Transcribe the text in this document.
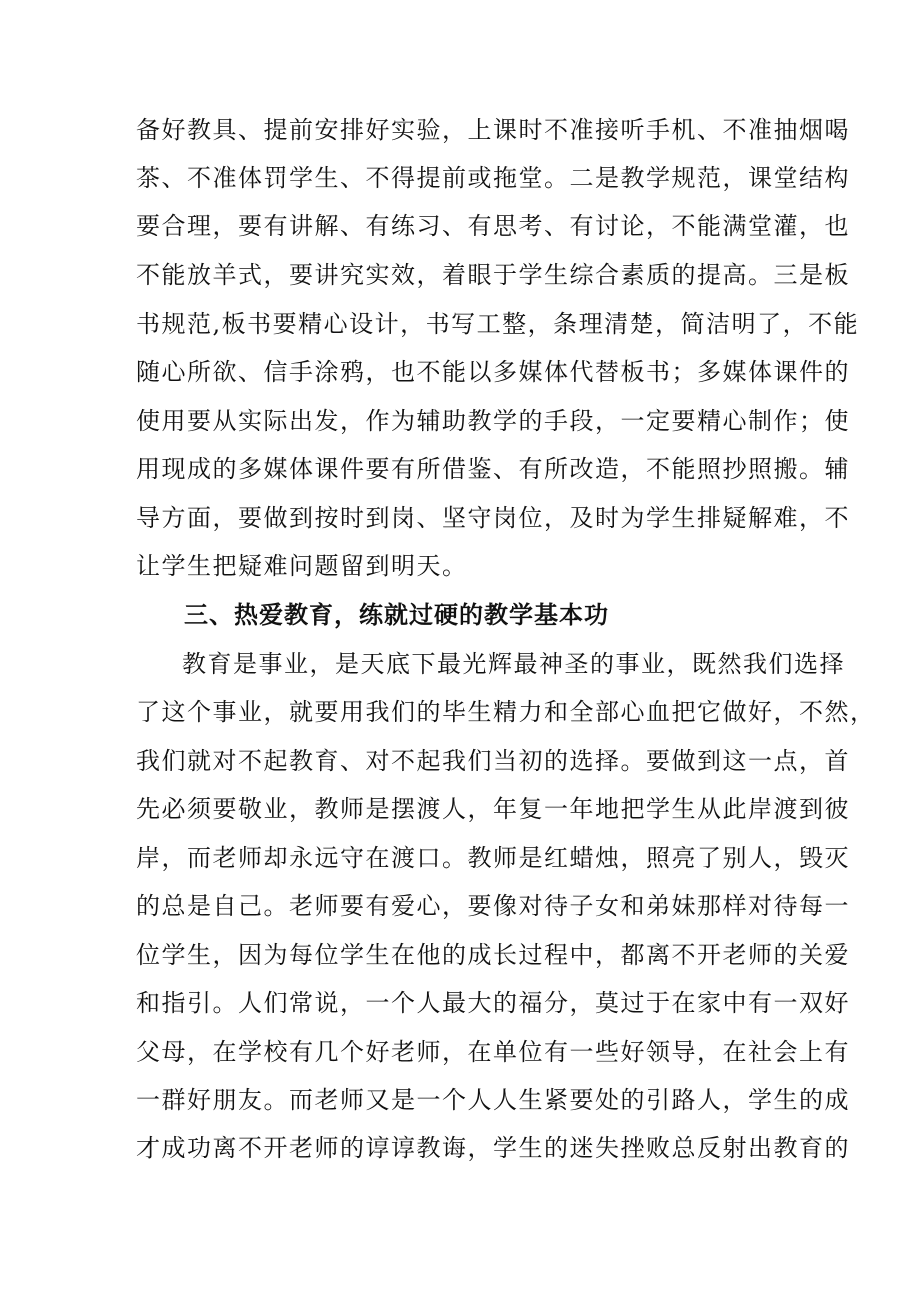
备好教具、提前安排好实验，上课时不准接听手机、不准抽烟喝
茶、不准体罚学生、不得提前或拖堂。二是教学规范，课堂结构
要合理，要有讲解、有练习、有思考、有讨论，不能满堂灌，也
不能放羊式，要讲究实效，着眼于学生综合素质的提高。三是板
书规范,板书要精心设计，书写工整，条理清楚，简洁明了，不能
随心所欲、信手涂鸦，也不能以多媒体代替板书；多媒体课件的
使用要从实际出发，作为辅助教学的手段，一定要精心制作；使
用现成的多媒体课件要有所借鉴、有所改造，不能照抄照搬。辅
导方面，要做到按时到岗、坚守岗位，及时为学生排疑解难，不
让学生把疑难问题留到明天。
三、热爱教育，练就过硬的教学基本功
教育是事业，是天底下最光辉最神圣的事业，既然我们选择
了这个事业，就要用我们的毕生精力和全部心血把它做好，不然，
我们就对不起教育、对不起我们当初的选择。要做到这一点，首
先必须要敬业，教师是摆渡人，年复一年地把学生从此岸渡到彼
岸，而老师却永远守在渡口。教师是红蜡烛，照亮了别人，毁灭
的总是自己。老师要有爱心，要像对待子女和弟妹那样对待每一
位学生，因为每位学生在他的成长过程中，都离不开老师的关爱
和指引。人们常说，一个人最大的福分，莫过于在家中有一双好
父母，在学校有几个好老师，在单位有一些好领导，在社会上有
一群好朋友。而老师又是一个人人生紧要处的引路人，学生的成
才成功离不开老师的谆谆教诲，学生的迷失挫败总反射出教育的
